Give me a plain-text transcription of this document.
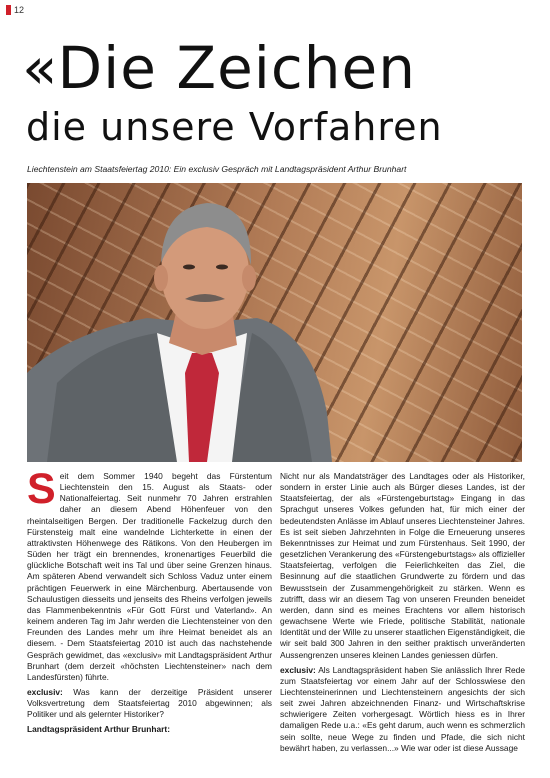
12
«Die Zeichen
die unsere Vorfahren
Liechtenstein am Staatsfeiertag 2010: Ein exclusiv Gespräch mit Landtagspräsident Arthur Brunhart

Seit dem Sommer 1940 begeht das Fürstentum Liechtenstein den 15. August als Staats- oder Nationalfeiertag. Seit nunmehr 70 Jahren erstrahlen daher an diesem Abend Höhenfeuer von den rheintalseitigen Bergen. Der traditionelle Fackelzug durch den Fürstensteig malt eine wandelnde Lichterkette in einen der attraktivsten Höhenwege des Rätikons. Von den Heubergen im Süden her trägt ein brennendes, kronenartiges Feuerbild die glückliche Botschaft weit ins Tal und über seine Grenzen hinaus. Am späteren Abend verwandelt sich Schloss Vaduz unter einem prächtigen Feuerwerk in eine Märchenburg. Abertausende von Schaulustigen diesseits und jenseits des Rheins verfolgen jeweils das Flammenbekenntnis «Für Gott Fürst und Vaterland». An keinem anderen Tag im Jahr werden die Liechtensteiner von den Freunden des Landes mehr um ihre Heimat beneidet als an diesem. - Dem Staatsfeiertag 2010 ist auch das nachstehende Gespräch gewidmet, das «exclusiv» mit Landtagspräsident Arthur Brunhart (dem derzeit «höchsten Liechtensteiner» nach dem Landesfürsten) führte.

exclusiv: Was kann der derzeitige Präsident unserer Volksvertretung dem Staatsfeiertag 2010 abgewinnen; als Politiker und als gelernter Historiker?

Landtagspräsident Arthur Brunhart:

Nicht nur als Mandatsträger des Landtages oder als Historiker, sondern in erster Linie auch als Bürger dieses Landes, ist der Staatsfeiertag, der als «Fürstengeburtstag» Eingang in das Sprachgut unseres Volkes gefunden hat, für mich einer der bedeutendsten Anlässe im Ablauf unseres Liechtensteiner Jahres. Es ist seit sieben Jahrzehnten in Folge die Erneuerung unseres Bekenntnisses zur Heimat und zum Fürstenhaus. Seit 1990, der gesetzlichen Verankerung des «Fürstengeburtstags» als offizieller Staatsfeiertag, verfolgen die Feierlichkeiten das Ziel, die Besinnung auf die staatlichen Grundwerte zu fördern und das Bewusstsein der Zusammengehörigkeit zu stärken. Wenn es zutrifft, dass wir an diesem Tag von unseren Freunden beneidet werden, dann sind es meines Erachtens vor allem historisch gewachsene Werte wie Friede, politische Stabilität, nationale Identität und der Wille zu unserer staatlichen Eigenständigkeit, die wir seit bald 300 Jahren in den seither praktisch unveränderten Aussengrenzen unseres kleinen Landes geniessen dürfen.

exclusiv: Als Landtagspräsident haben Sie anlässlich Ihrer Rede zum Staatsfeiertag vor einem Jahr auf der Schlosswiese den Liechtensteinerinnen und Liechtensteinern angesichts der sich seit zwei Jahren abzeichnenden Finanz- und Wirtschaftskrise schwierigere Zeiten vorhergesagt. Wörtlich hiess es in Ihrer damaligen Rede u.a.: «Es geht darum, auch wenn es schmerzlich sein sollte, neue Wege zu finden und Pfade, die sich nicht bewährt haben, zu verlassen...» Wie war oder ist diese Aussage
